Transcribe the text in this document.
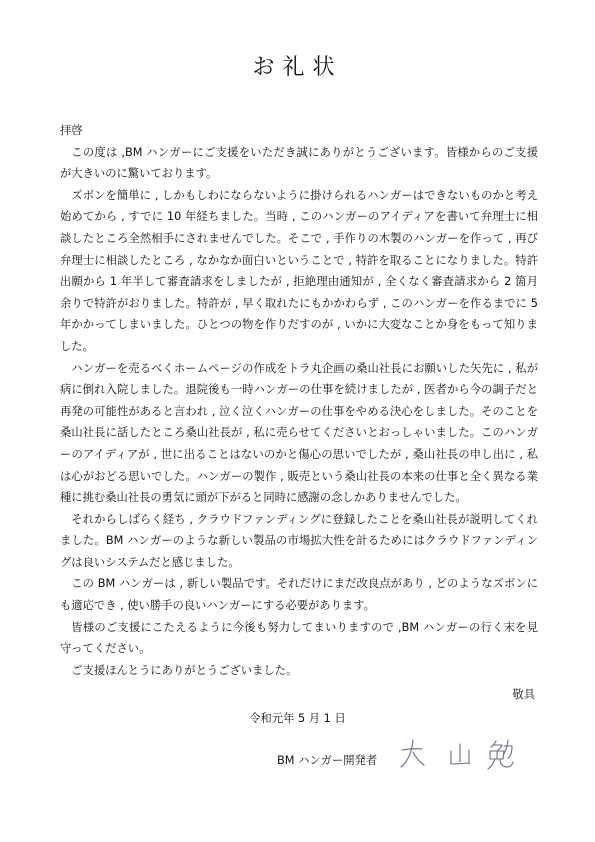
お礼状

拝啓

この度は ,BM ハンガーにご支援をいただき誠にありがとうございます。皆様からのご支援が大きいのに驚いております。

ズボンを簡単に , しかもしわにならないように掛けられるハンガーはできないものかと考え始めてから , すでに 10 年経ちました。当時 , このハンガーのアイディアを書いて弁理士に相談したところ全然相手にされませんでした。そこで , 手作りの木製のハンガーを作って , 再び弁理士に相談したところ , なかなか面白いということで , 特許を取ることになりました。特許出願から 1 年半して審査請求をしましたが , 拒絶理由通知が , 全くなく審査請求から 2 箇月余りで特許がおりました。特許が , 早く取れたにもかかわらず , このハンガーを作るまでに 5 年かかってしまいました。ひとつの物を作りだすのが , いかに大変なことか身をもって知りました。

ハンガーを売るべくホームページの作成をトラ丸企画の桑山社長にお願いした矢先に , 私が病に倒れ入院しました。退院後も一時ハンガーの仕事を続けましたが , 医者から今の調子だと再発の可能性があると言われ , 泣く泣くハンガーの仕事をやめる決心をしました。そのことを桑山社長に話したところ桑山社長が , 私に売らせてくださいとおっしゃいました。このハンガーのアイディアが , 世に出ることはないのかと傷心の思いでしたが , 桑山社長の申し出に , 私は心がおどる思いでした。ハンガーの製作 , 販売という桑山社長の本来の仕事と全く異なる業種に挑む桑山社長の勇気に頭が下がると同時に感謝の念しかありませんでした。

それからしばらく経ち , クラウドファンディングに登録したことを桑山社長が説明してくれました。BM ハンガーのような新しい製品の市場拡大性を計るためにはクラウドファンディングは良いシステムだと感じました。

この BM ハンガーは , 新しい製品です。それだけにまだ改良点があり , どのようなズボンにも適応でき , 使い勝手の良いハンガーにする必要があります。

皆様のご支援にこたえるように今後も努力してまいりますので ,BM ハンガーの行く末を見守ってください。

ご支援ほんとうにありがとうございました。

敬具
令和元年 5 月 1 日
BM ハンガー開発者
